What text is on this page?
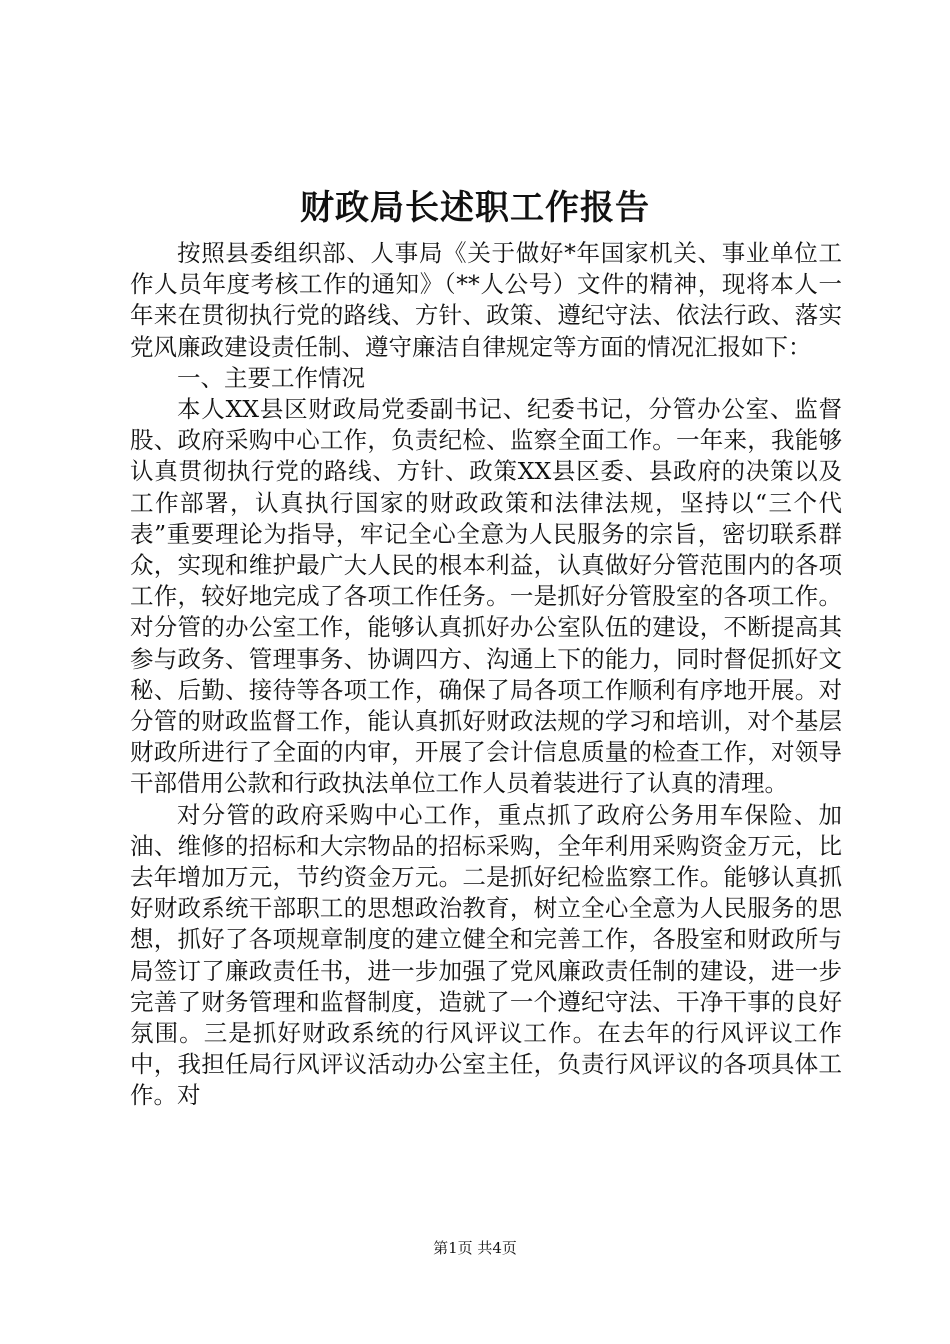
财政局长述职工作报告

按照县委组织部、人事局《关于做好*年国家机关、事业单位工作人员年度考核工作的通知》（**人公号）文件的精神，现将本人一年来在贯彻执行党的路线、方针、政策、遵纪守法、依法行政、落实党风廉政建设责任制、遵守廉洁自律规定等方面的情况汇报如下：

一、主要工作情况

本人XX县区财政局党委副书记、纪委书记，分管办公室、监督股、政府采购中心工作，负责纪检、监察全面工作。一年来，我能够认真贯彻执行党的路线、方针、政策XX县区委、县政府的决策以及工作部署，认真执行国家的财政政策和法律法规，坚持以“三个代表”重要理论为指导，牢记全心全意为人民服务的宗旨，密切联系群众，实现和维护最广大人民的根本利益，认真做好分管范围内的各项工作，较好地完成了各项工作任务。一是抓好分管股室的各项工作。对分管的办公室工作，能够认真抓好办公室队伍的建设，不断提高其参与政务、管理事务、协调四方、沟通上下的能力，同时督促抓好文秘、后勤、接待等各项工作，确保了局各项工作顺利有序地开展。对分管的财政监督工作，能认真抓好财政法规的学习和培训，对个基层财政所进行了全面的内审，开展了会计信息质量的检查工作，对领导干部借用公款和行政执法单位工作人员着装进行了认真的清理。

对分管的政府采购中心工作，重点抓了政府公务用车保险、加油、维修的招标和大宗物品的招标采购，全年利用采购资金万元，比去年增加万元，节约资金万元。二是抓好纪检监察工作。能够认真抓好财政系统干部职工的思想政治教育，树立全心全意为人民服务的思想，抓好了各项规章制度的建立健全和完善工作，各股室和财政所与局签订了廉政责任书，进一步加强了党风廉政责任制的建设，进一步完善了财务管理和监督制度，造就了一个遵纪守法、干净干事的良好氛围。三是抓好财政系统的行风评议工作。在去年的行风评议工作中，我担任局行风评议活动办公室主任，负责行风评议的各项具体工作。对

第1页 共4页
